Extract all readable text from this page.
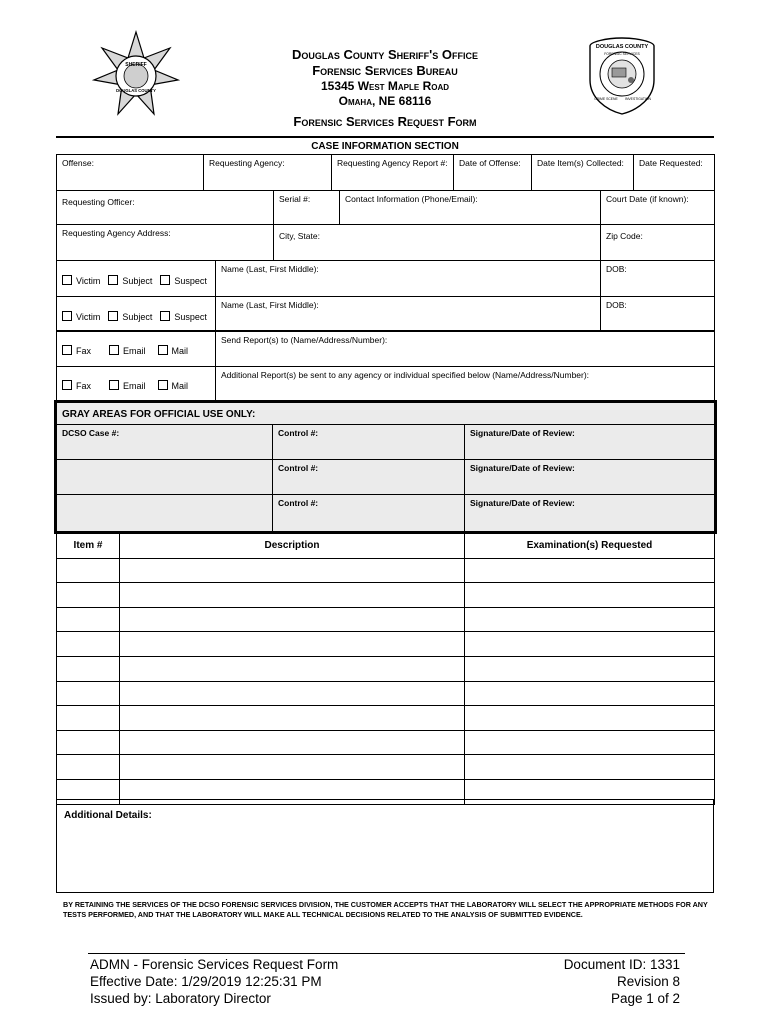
SHERIFF
DOUGLAS COUNTY
DOUGLAS COUNTY
FORENSIC SERVICES
CRIME SCENE INVESTIGATION
Douglas County Sheriff's Office
Forensic Services Bureau
15345 West Maple Road
Omaha, NE 68116
Forensic Services Request Form
CASE INFORMATION SECTION
Offense:	Requesting Agency:	Requesting Agency Report #:	Date of Offense:	Date Item(s) Collected:	Date Requested:
Requesting Officer:	Serial #:	Contact Information (Phone/Email):	Court Date (if known):
Requesting Agency Address:	City, State:	Zip Code:
Victim Subject Suspect	Name (Last, First Middle):	DOB:
Victim Subject Suspect	Name (Last, First Middle):	DOB:
Fax Email Mail	Send Report(s) to (Name/Address/Number):
Fax Email Mail	Additional Report(s) be sent to any agency or individual specified below (Name/Address/Number):
GRAY AREAS FOR OFFICIAL USE ONLY:		
DCSO Case #:	Control #:	Signature/Date of Review:
	Control #:	Signature/Date of Review:
	Control #:	Signature/Date of Review:
Item #	Description	Examination(s) Requested

Additional Details:
BY RETAINING THE SERVICES OF THE DCSO FORENSIC SERVICES DIVISION, THE CUSTOMER ACCEPTS THAT THE LABORATORY WILL SELECT THE APPROPRIATE METHODS FOR ANY TESTS PERFORMED, AND THAT THE LABORATORY WILL MAKE ALL TECHNICAL DECISIONS RELATED TO THE ANALYSIS OF SUBMITTED EVIDENCE.
ADMN - Forensic Services Request Form
Effective Date: 1/29/2019 12:25:31 PM
Issued by: Laboratory Director
Document ID: 1331
Revision 8
Page 1 of 2
